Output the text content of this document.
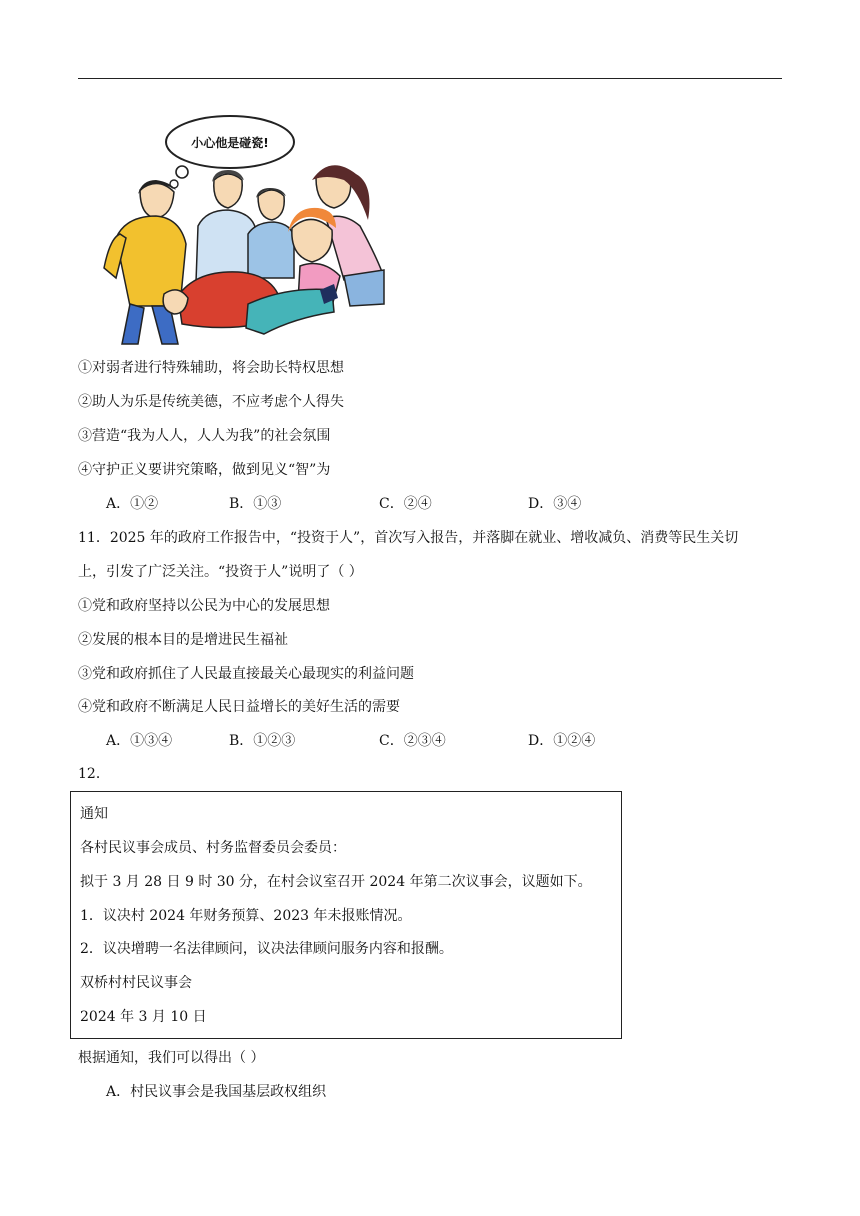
小心他是碰瓷!
①对弱者进行特殊辅助，将会助长特权思想
②助人为乐是传统美德，不应考虑个人得失
③营造“我为人人，人人为我”的社会氛围
④守护正义要讲究策略，做到见义“智”为
A．①②	B．①③	C．②④	D．③④
11．2025 年的政府工作报告中，“投资于人”，首次写入报告，并落脚在就业、增收减负、消费等民生关切
上，引发了广泛关注。“投资于人”说明了（ ）
①党和政府坚持以公民为中心的发展思想
②发展的根本目的是增进民生福祉
③党和政府抓住了人民最直接最关心最现实的利益问题
④党和政府不断满足人民日益增长的美好生活的需要
A．①③④	B．①②③	C．②③④	D．①②④
12．
通知
各村民议事会成员、村务监督委员会委员：
拟于 3 月 28 日 9 时 30 分，在村会议室召开 2024 年第二次议事会，议题如下。
1．议决村 2024 年财务预算、2023 年未报账情况。
2．议决增聘一名法律顾问，议决法律顾问服务内容和报酬。
双桥村村民议事会
2024 年 3 月 10 日
根据通知，我们可以得出（ ）
A．村民议事会是我国基层政权组织
